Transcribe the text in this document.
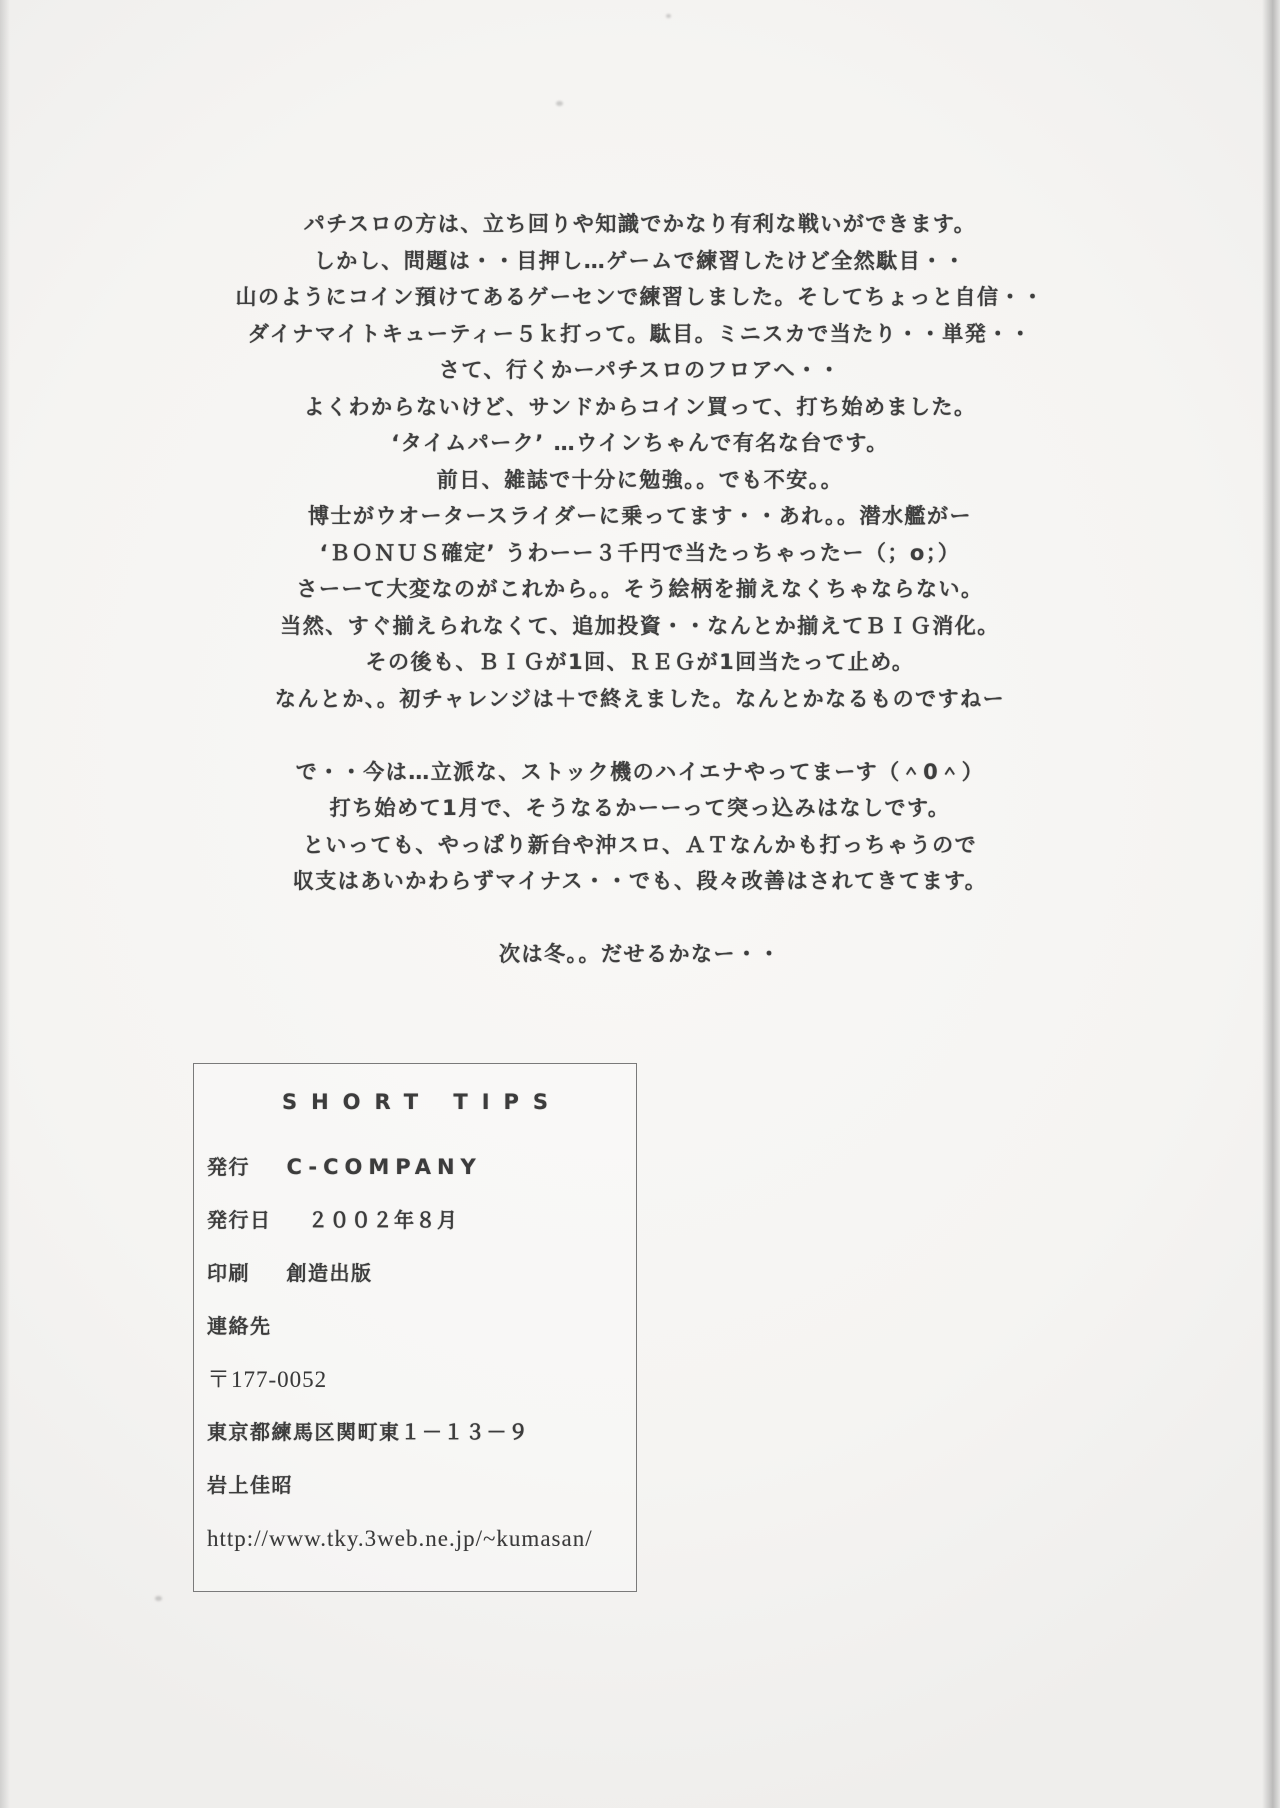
パチスロの方は、立ち回りや知識でかなり有利な戦いができます。
しかし、問題は・・目押し…ゲームで練習したけど全然駄目・・
山のようにコイン預けてあるゲーセンで練習しました。そしてちょっと自信・・
ダイナマイトキューティー５ｋ打って。駄目。ミニスカで当たり・・単発・・
さて、行くかーパチスロのフロアへ・・
よくわからないけど、サンドからコイン買って、打ち始めました。
‘タイムパーク’ …ウインちゃんで有名な台です。
前日、雑誌で十分に勉強。。でも不安。。
博士がウオータースライダーに乗ってます・・あれ。。潜水艦がー
‘ＢＯＮＵＳ確定’ うわーー３千円で当たっちゃったー（；o；）
さーーて大変なのがこれから。。そう絵柄を揃えなくちゃならない。
当然、すぐ揃えられなくて、追加投資・・なんとか揃えてＢＩＧ消化。
その後も、ＢＩＧが1回、ＲＥＧが1回当たって止め。
なんとか、。初チャレンジは＋で終えました。なんとかなるものですねー

で・・今は…立派な、ストック機のハイエナやってまーす（＾0＾）
打ち始めて1月で、そうなるかーーって突っ込みはなしです。
といっても、やっぱり新台や沖スロ、ＡＴなんかも打っちゃうので
収支はあいかわらずマイナス・・でも、段々改善はされてきてます。

次は冬。。だせるかなー・・

SHORT TIPS
発行 C-COMPANY
発行日 ２００２年８月
印刷 創造出版
連絡先
〒177-0052
東京都練馬区関町東１－１３－９
岩上佳昭
http://www.tky.3web.ne.jp/~kumasan/
